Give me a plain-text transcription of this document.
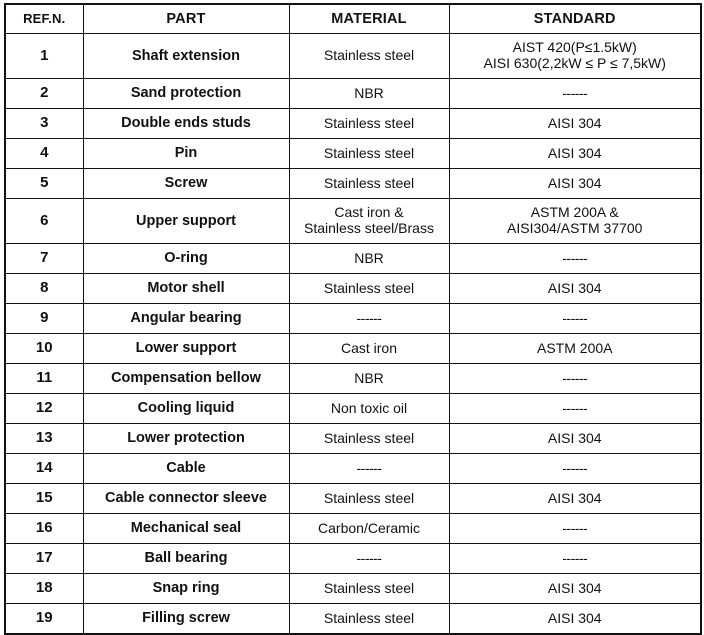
REF.N.	PART	MATERIAL	STANDARD
1	Shaft extension	Stainless steel	AIST 420(P≤1.5kW)
AISI 630(2,2kW ≤ P ≤ 7,5kW)

2	Sand protection	NBR	------
3	Double ends studs	Stainless steel	AISI 304
4	Pin	Stainless steel	AISI 304
5	Screw	Stainless steel	AISI 304
6	Upper support	Cast iron &
Stainless steel/Brass	ASTM 200A &
AISI304/ASTM 37700

7	O-ring	NBR	------
8	Motor shell	Stainless steel	AISI 304
9	Angular bearing	------	------
10	Lower support	Cast iron	ASTM 200A
11	Compensation bellow	NBR	------
12	Cooling liquid	Non toxic oil	------
13	Lower protection	Stainless steel	AISI 304
14	Cable	------	------
15	Cable connector sleeve	Stainless steel	AISI 304
16	Mechanical seal	Carbon/Ceramic	------
17	Ball bearing	------	------
18	Snap ring	Stainless steel	AISI 304
19	Filling screw	Stainless steel	AISI 304
